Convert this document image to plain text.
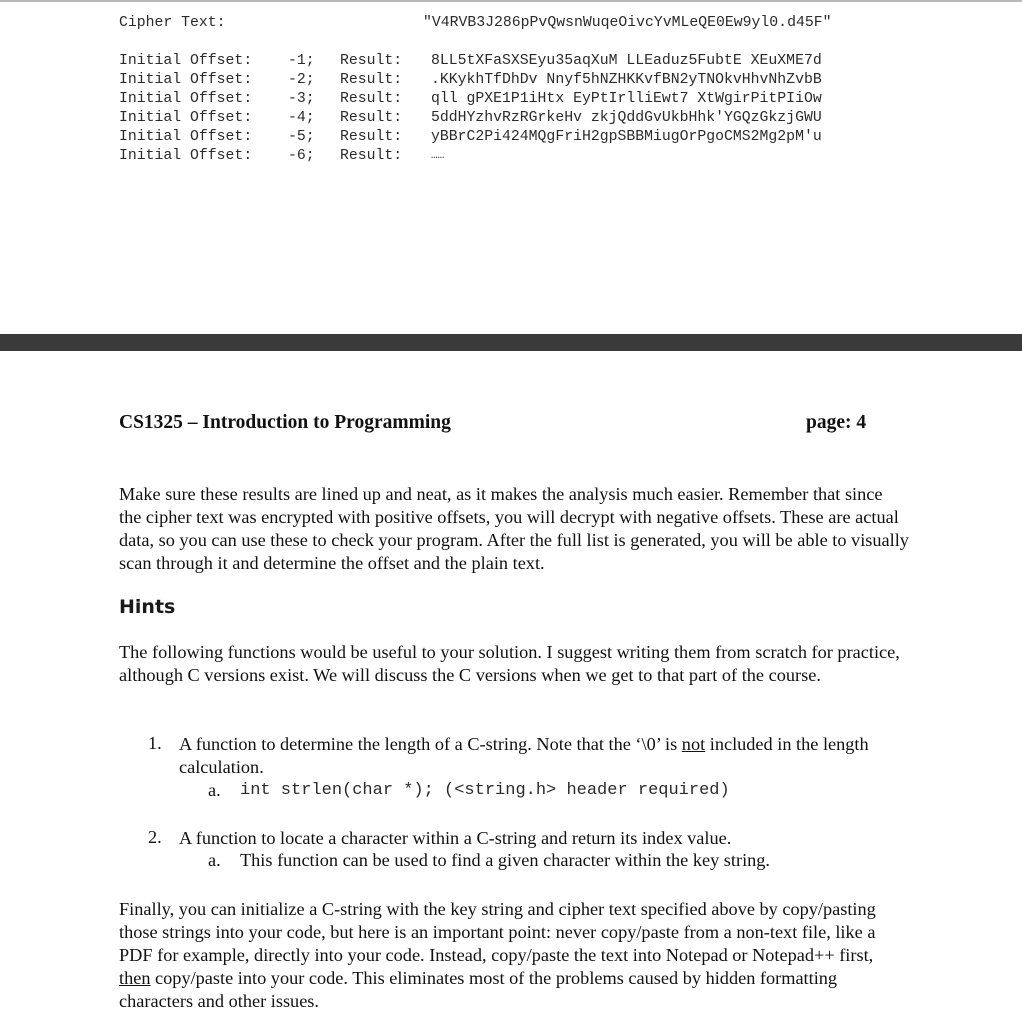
Cipher Text:	"V4RVB3J286pPvQwsnWuqeOivcYvMLeQE0Ew9yl0.d45F"
Initial Offset: -1; Result: 8LL5tXFaSXSEyu35aqXuM LLEaduz5FubtE XEuXME7d
Initial Offset: -2; Result: .KKykhTfDhDv Nnyf5hNZHKKvfBN2yTNOkvHhvNhZvbB
Initial Offset: -3; Result: qll gPXE1P1iHtx EyPtIrlliEwt7 XtWgirPitPIiOw
Initial Offset: -4; Result: 5ddHYzhvRzRGrkeHv zkjQddGvUkbHhk'YGQzGkzjGWU
Initial Offset: -5; Result: yBBrC2Pi424MQgFriH2gpSBBMiugOrPgoCMS2Mg2pM'u
Initial Offset: -6; Result:	……
CS1325 – Introduction to Programming	page: 4
Make sure these results are lined up and neat, as it makes the analysis much easier. Remember that since the cipher text was encrypted with positive offsets, you will decrypt with negative offsets. These are actual data, so you can use these to check your program. After the full list is generated, you will be able to visually scan through it and determine the offset and the plain text.
Hints
The following functions would be useful to your solution. I suggest writing them from scratch for practice, although C versions exist. We will discuss the C versions when we get to that part of the course.
1. A function to determine the length of a C-string. Note that the ‘\0’ is not included in the length calculation.
a. int strlen(char *); (<string.h> header required)
2. A function to locate a character within a C-string and return its index value.
a. This function can be used to find a given character within the key string.
Finally, you can initialize a C-string with the key string and cipher text specified above by copy/pasting those strings into your code, but here is an important point: never copy/paste from a non-text file, like a PDF for example, directly into your code. Instead, copy/paste the text into Notepad or Notepad++ first, then copy/paste into your code. This eliminates most of the problems caused by hidden formatting characters and other issues.
